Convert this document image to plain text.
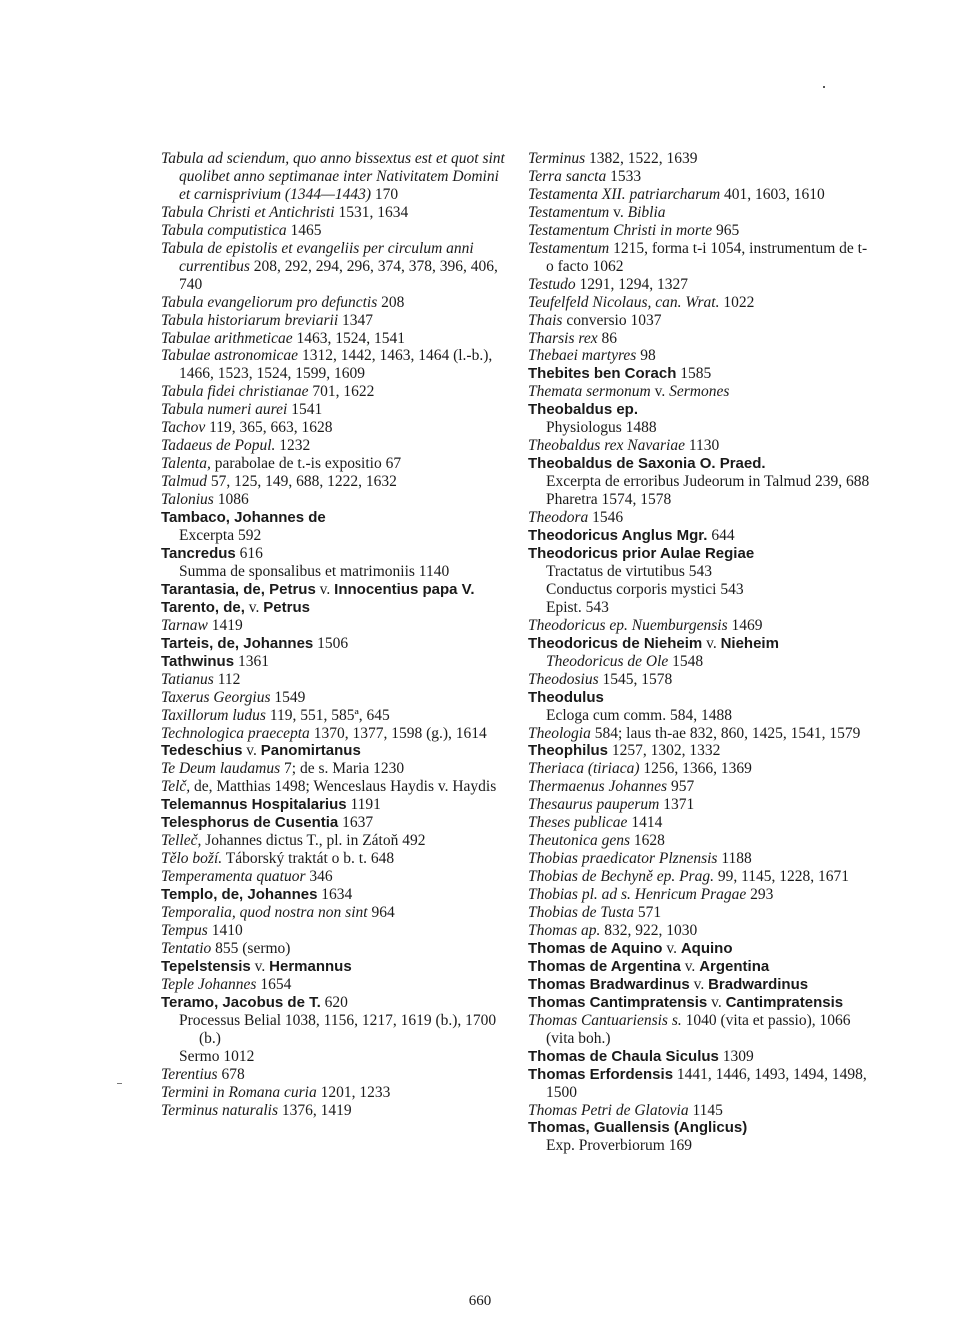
Tabula ad sciendum, quo anno bissextus est et quot sint quolibet anno septimanae inter Nativitatem Domini et carnisprivium (1344—1443) 170
Tabula Christi et Antichristi 1531, 1634
Tabula computistica 1465
Tabula de epistolis et evangeliis per circulum anni currentibus 208, 292, 294, 296, 374, 378, 396, 406, 740
Tabula evangeliorum pro defunctis 208
Tabula historiarum breviarii 1347
Tabulae arithmeticae 1463, 1524, 1541
Tabulae astronomicae 1312, 1442, 1463, 1464 (l.-b.), 1466, 1523, 1524, 1599, 1609
Tabula fidei christianae 701, 1622
Tabula numeri aurei 1541
Tachov 119, 365, 663, 1628
Tadaeus de Popul. 1232
Talenta, parabolae de t.-is expositio 67
Talmud 57, 125, 149, 688, 1222, 1632
Talonius 1086
Tambaco, Johannes de
Excerpta 592
Tancredus 616
Summa de sponsalibus et matrimoniis 1140
Tarantasia, de, Petrus v. Innocentius papa V.
Tarento, de, v. Petrus
Tarnaw 1419
Tarteis, de, Johannes 1506
Tathwinus 1361
Tatianus 112
Taxerus Georgius 1549
Taxillorum ludus 119, 551, 585ª, 645
Technologica praecepta 1370, 1377, 1598 (g.), 1614
Tedeschius v. Panomirtanus
Te Deum laudamus 7; de s. Maria 1230
Telč, de, Matthias 1498; Wenceslaus Haydis v. Haydis
Telemannus Hospitalarius 1191
Telesphorus de Cusentia 1637
Telleč, Johannes dictus T., pl. in Zátoň 492
Tělo boží. Táborský traktát o b. t. 648
Temperamenta quatuor 346
Templo, de, Johannes 1634
Temporalia, quod nostra non sint 964
Tempus 1410
Tentatio 855 (sermo)
Tepelstensis v. Hermannus
Teple Johannes 1654
Teramo, Jacobus de T. 620
Processus Belial 1038, 1156, 1217, 1619 (b.), 1700 (b.)
Sermo 1012
Terentius 678
Termini in Romana curia 1201, 1233
Terminus naturalis 1376, 1419
Terminus 1382, 1522, 1639
Terra sancta 1533
Testamenta XII. patriarcharum 401, 1603, 1610
Testamentum v. Biblia
Testamentum Christi in morte 965
Testamentum 1215, forma t-i 1054, instrumentum de t-o facto 1062
Testudo 1291, 1294, 1327
Teufelfeld Nicolaus, can. Wrat. 1022
Thais conversio 1037
Tharsis rex 86
Thebaei martyres 98
Thebites ben Corach 1585
Themata sermonum v. Sermones
Theobaldus ep.
Physiologus 1488
Theobaldus rex Navariae 1130
Theobaldus de Saxonia O. Praed.
Excerpta de erroribus Judeorum in Talmud 239, 688
Pharetra 1574, 1578
Theodora 1546
Theodoricus Anglus Mgr. 644
Theodoricus prior Aulae Regiae
Tractatus de virtutibus 543
Conductus corporis mystici 543
Epist. 543
Theodoricus ep. Nuemburgensis 1469
Theodoricus de Nieheim v. Nieheim
Theodoricus de Ole 1548
Theodosius 1545, 1578
Theodulus
Ecloga cum comm. 584, 1488
Theologia 584; laus th-ae 832, 860, 1425, 1541, 1579
Theophilus 1257, 1302, 1332
Theriaca (tiriaca) 1256, 1366, 1369
Thermaenus Johannes 957
Thesaurus pauperum 1371
Theses publicae 1414
Theutonica gens 1628
Thobias praedicator Plznensis 1188
Thobias de Bechyně ep. Prag. 99, 1145, 1228, 1671
Thobias pl. ad s. Henricum Pragae 293
Thobias de Tusta 571
Thomas ap. 832, 922, 1030
Thomas de Aquino v. Aquino
Thomas de Argentina v. Argentina
Thomas Bradwardinus v. Bradwardinus
Thomas Cantimpratensis v. Cantimpratensis
Thomas Cantuariensis s. 1040 (vita et passio), 1066 (vita boh.)
Thomas de Chaula Siculus 1309
Thomas Erfordensis 1441, 1446, 1493, 1494, 1498, 1500
Thomas Petri de Glatovia 1145
Thomas, Guallensis (Anglicus)
Exp. Proverbiorum 169
660
